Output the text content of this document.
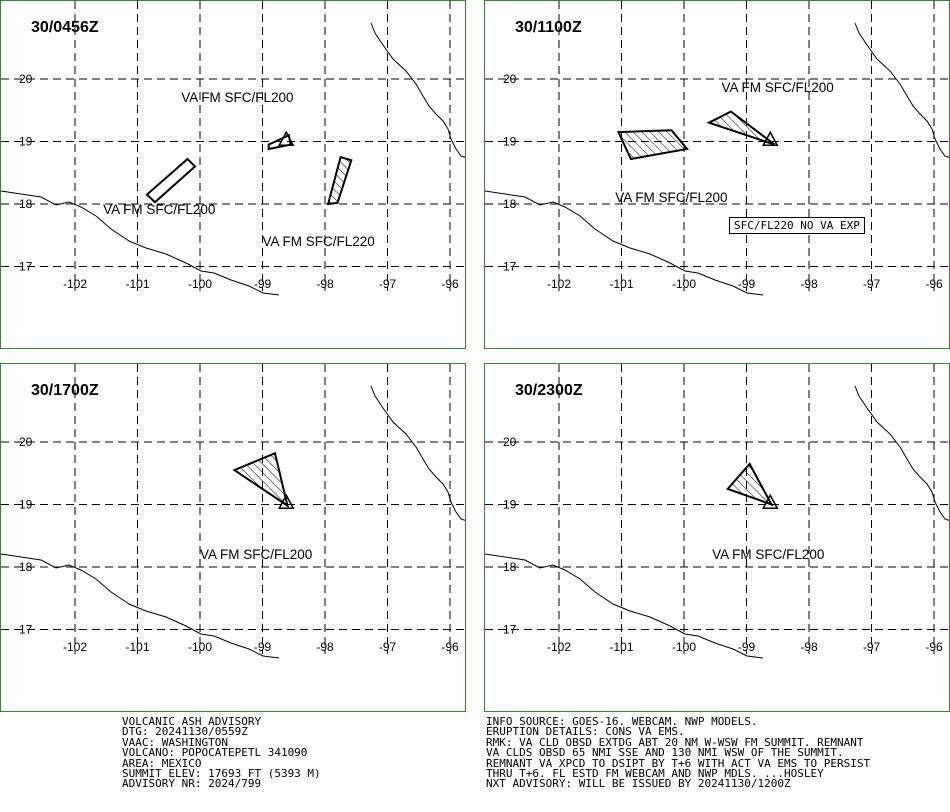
-102	-101	-100	-99	-98	-97	-96
20
19
18
17
30/0456Z
VA FM SFC/FL200
VA FM SFC/FL200
VA FM SFC/FL220
-102	-101	-100	-99	-98	-97	-96
20
19
18
17
30/1100Z
VA FM SFC/FL200
VA FM SFC/FL200
SFC/FL220 NO VA EXP
-102	-101	-100	-99	-98	-97	-96
20
19
18
17
30/1700Z
VA FM SFC/FL200
-102	-101	-100	-99	-98	-97	-96
20
19
18
17
30/2300Z
VA FM SFC/FL200
VOLCANIC ASH ADVISORY
DTG: 20241130/0559Z
VAAC: WASHINGTON
VOLCANO: POPOCATEPETL 341090
AREA: MEXICO
SUMMIT ELEV: 17693 FT (5393 M)
ADVISORY NR: 2024/799
INFO SOURCE: GOES-16. WEBCAM. NWP MODELS.
ERUPTION DETAILS: CONS VA EMS.
RMK: VA CLD OBSD EXTDG ABT 20 NM W-WSW FM SUMMIT. REMNANT
VA CLDS OBSD 65 NMI SSE AND 130 NMI WSW OF THE SUMMIT.
REMNANT VA XPCD TO DSIPT BY T+6 WITH ACT VA EMS TO PERSIST
THRU T+6. FL ESTD FM WEBCAM AND NWP MDLS. ...HOSLEY
NXT ADVISORY: WILL BE ISSUED BY 20241130/1200Z
